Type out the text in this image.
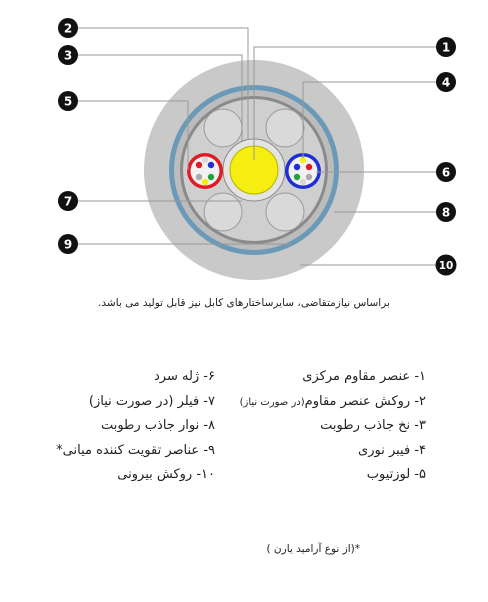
2
3
5
7
9
1
4
6
8
10
براساس نیازمتقاضی، سایرساختارهای کابل نیز قابل تولید می باشد.
۱- عنصر مقاوم مرکزی
۲- روکش عنصر مقاوم(در صورت نیاز)
۳- نخ جاذب رطوبت
۴- فیبر نوری
۵- لوزتیوب
۶- ژله سرد
۷- فیلر (در صورت نیاز)
۸- نوار جاذب رطوبت
۹- عناصر تقویت کننده میانی*
۱۰- روکش بیرونی
*(از نوع آرامید یارن )
